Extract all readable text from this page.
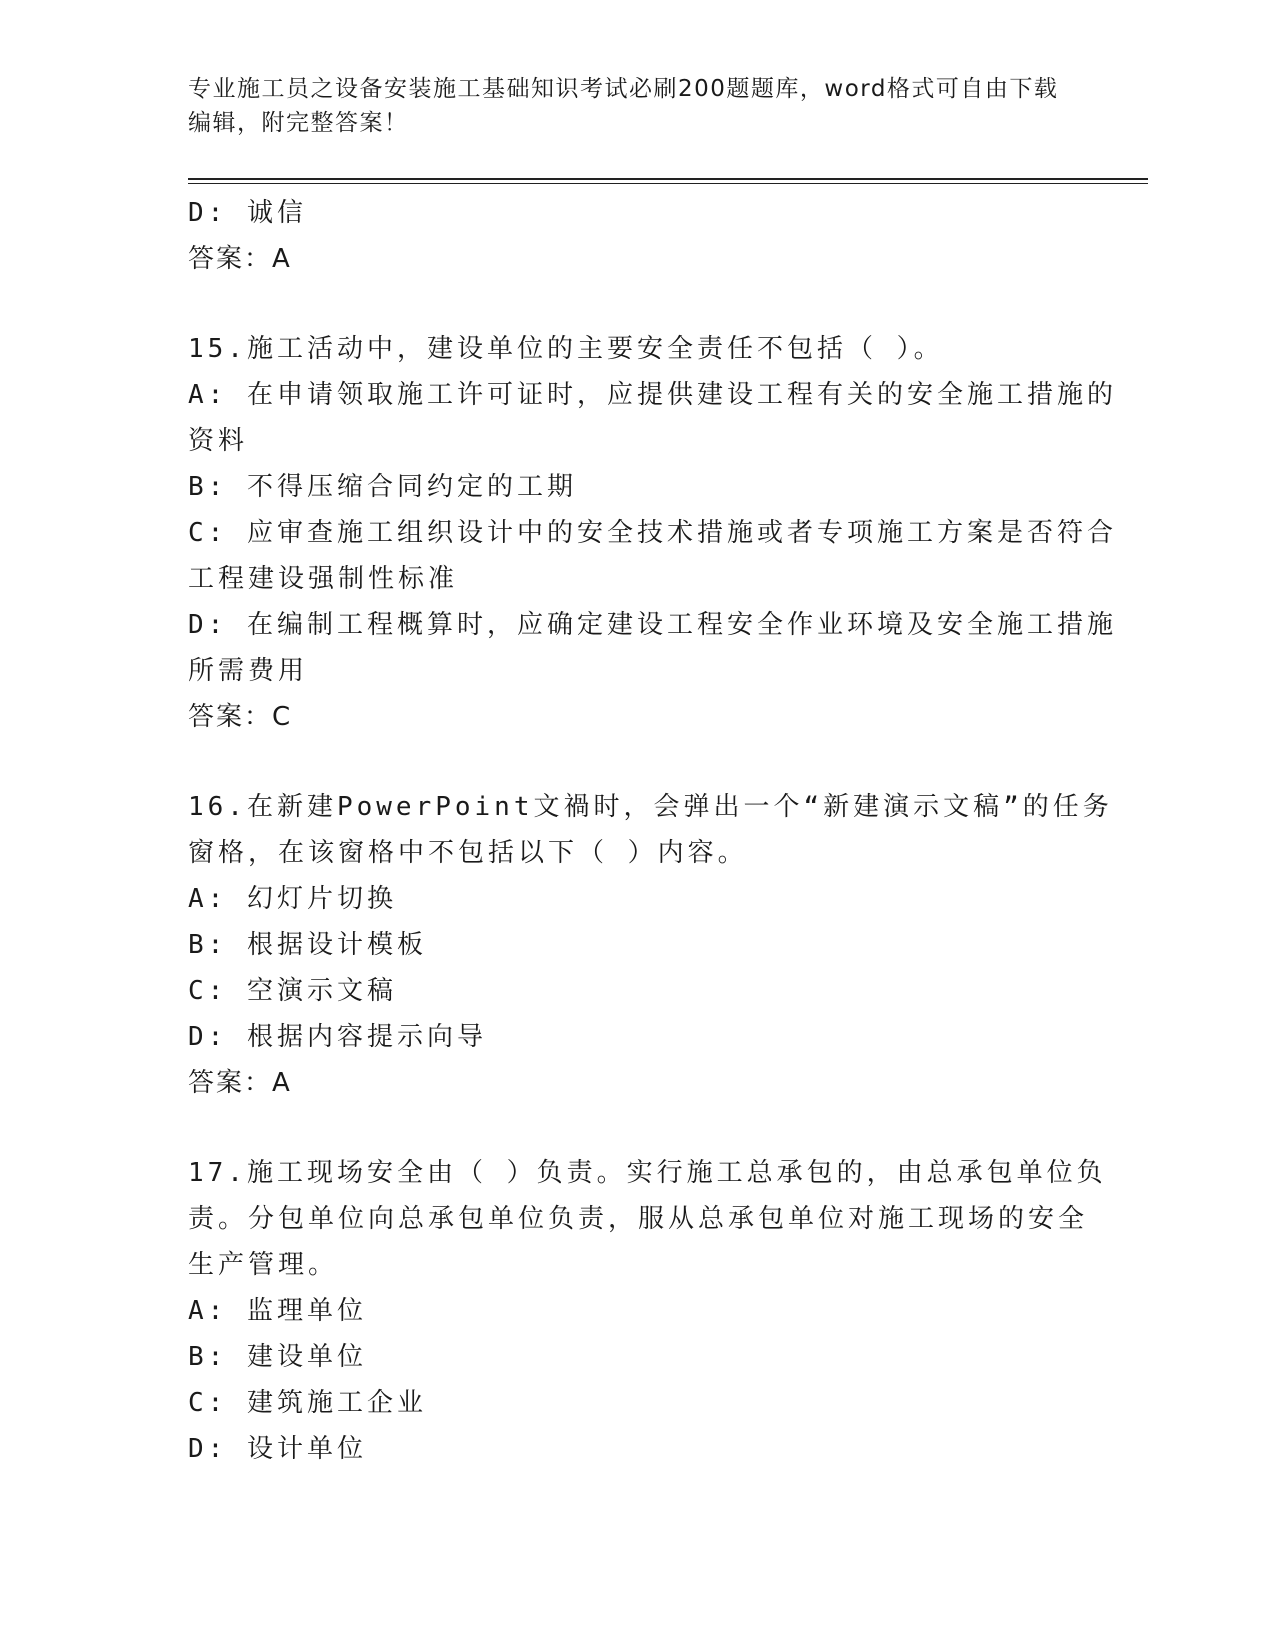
专业施工员之设备安装施工基础知识考试必刷200题题库，word格式可自由下载
编辑，附完整答案！
D: 诚信
答案：A
15.施工活动中，建设单位的主要安全责任不包括（ ）。
A: 在申请领取施工许可证时，应提供建设工程有关的安全施工措施的
资料
B: 不得压缩合同约定的工期
C: 应审查施工组织设计中的安全技术措施或者专项施工方案是否符合
工程建设强制性标准
D: 在编制工程概算时，应确定建设工程安全作业环境及安全施工措施
所需费用
答案：C
16.在新建PowerPoint文禍时，会弹出一个“新建演示文稿”的任务
窗格，在该窗格中不包括以下（ ）内容。
A: 幻灯片切换
B: 根据设计模板
C: 空演示文稿
D: 根据内容提示向导
答案：A
17.施工现场安全由（ ）负责。实行施工总承包的，由总承包单位负
责。分包单位向总承包单位负责，服从总承包单位对施工现场的安全
生产管理。
A: 监理单位
B: 建设单位
C: 建筑施工企业
D: 设计单位
